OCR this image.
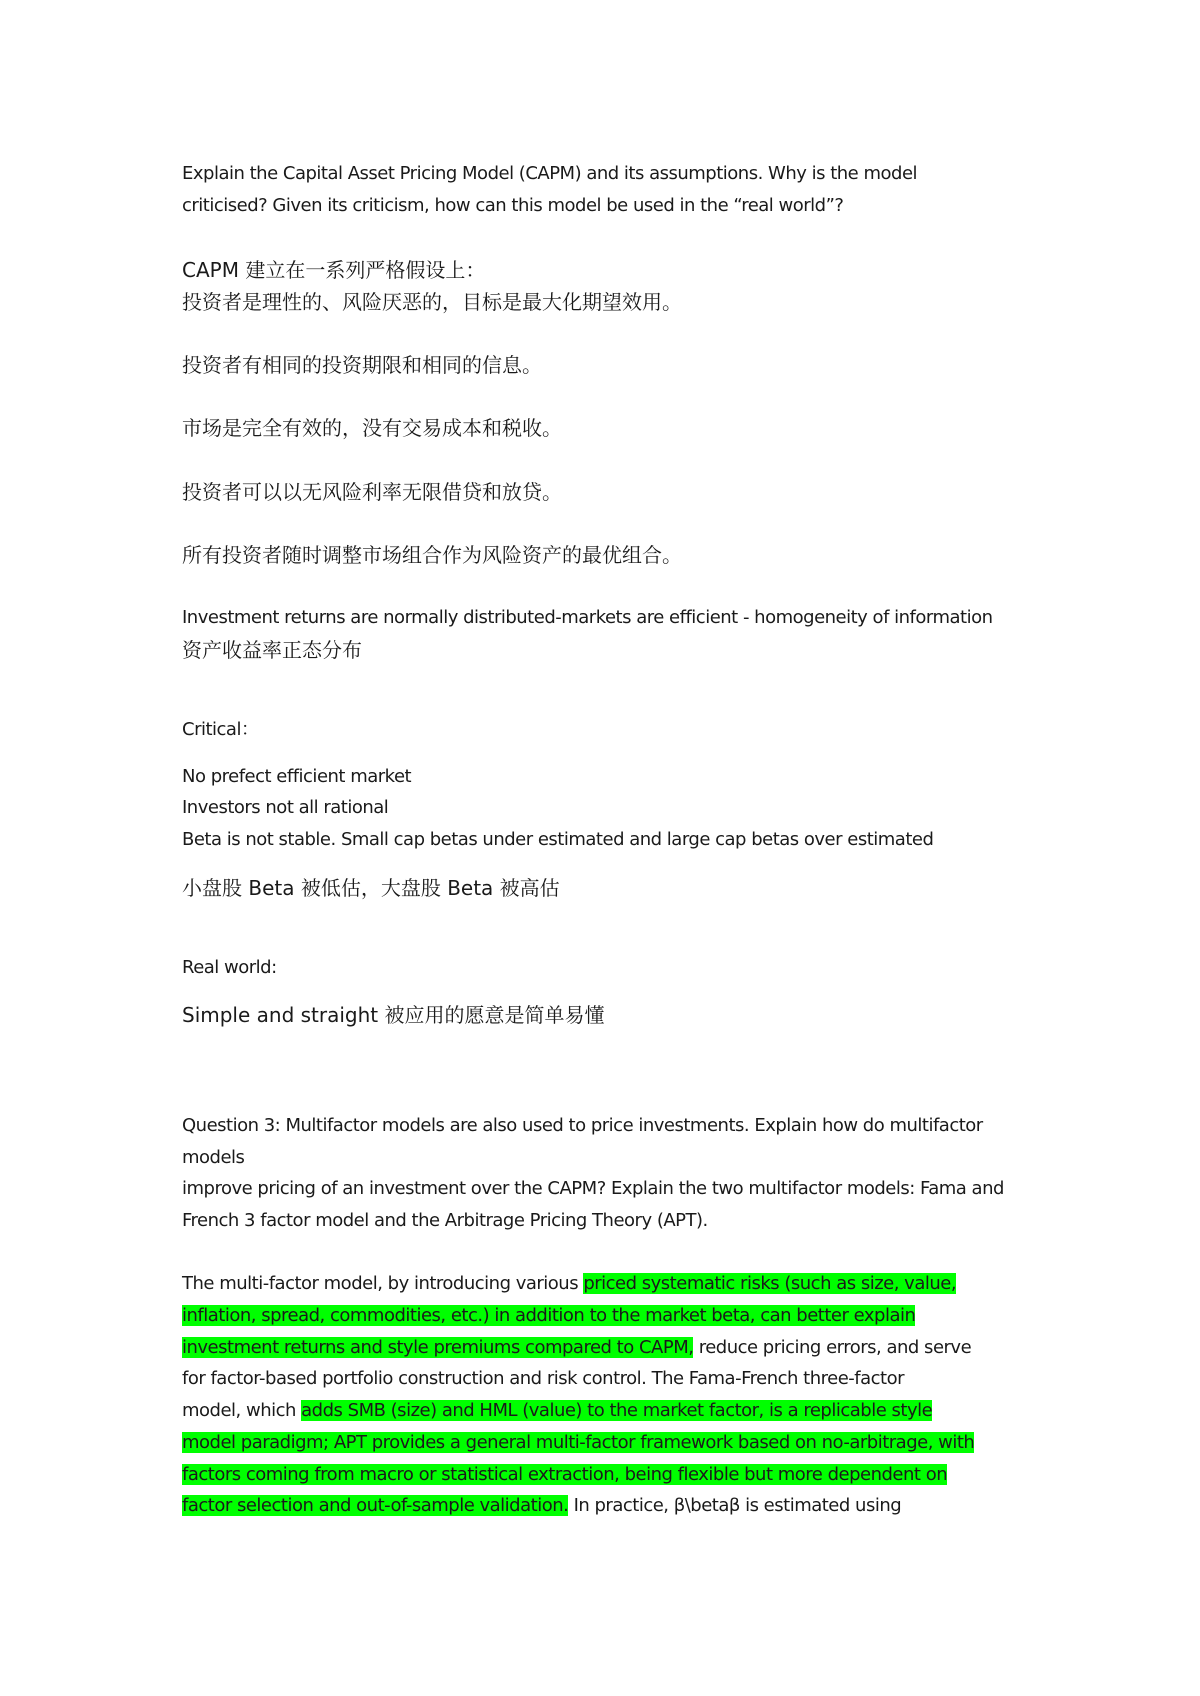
Explain the Capital Asset Pricing Model (CAPM) and its assumptions. Why is the model
criticised? Given its criticism, how can this model be used in the “real world”?
CAPM 建立在一系列严格假设上：
投资者是理性的、风险厌恶的，目标是最大化期望效用。
投资者有相同的投资期限和相同的信息。
市场是完全有效的，没有交易成本和税收。
投资者可以以无风险利率无限借贷和放贷。
所有投资者随时调整市场组合作为风险资产的最优组合。
Investment returns are normally distributed-markets are efficient - homogeneity of information
资产收益率正态分布
Critical：
No prefect efficient market
Investors not all rational
Beta is not stable. Small cap betas under estimated and large cap betas over estimated
小盘股 Beta 被低估，大盘股 Beta 被高估
Real world:
Simple and straight 被应用的愿意是简单易懂
Question 3: Multifactor models are also used to price investments. Explain how do multifactor
models
improve pricing of an investment over the CAPM? Explain the two multifactor models: Fama and
French 3 factor model and the Arbitrage Pricing Theory (APT).
The multi-factor model, by introducing various priced systematic risks (such as size, value,
inflation, spread, commodities, etc.) in addition to the market beta, can better explain
investment returns and style premiums compared to CAPM, reduce pricing errors, and serve
for factor-based portfolio construction and risk control. The Fama-French three-factor
model, which adds SMB (size) and HML (value) to the market factor, is a replicable style
model paradigm; APT provides a general multi-factor framework based on no-arbitrage, with
factors coming from macro or statistical extraction, being flexible but more dependent on
factor selection and out-of-sample validation. In practice, β\betaβ is estimated using
